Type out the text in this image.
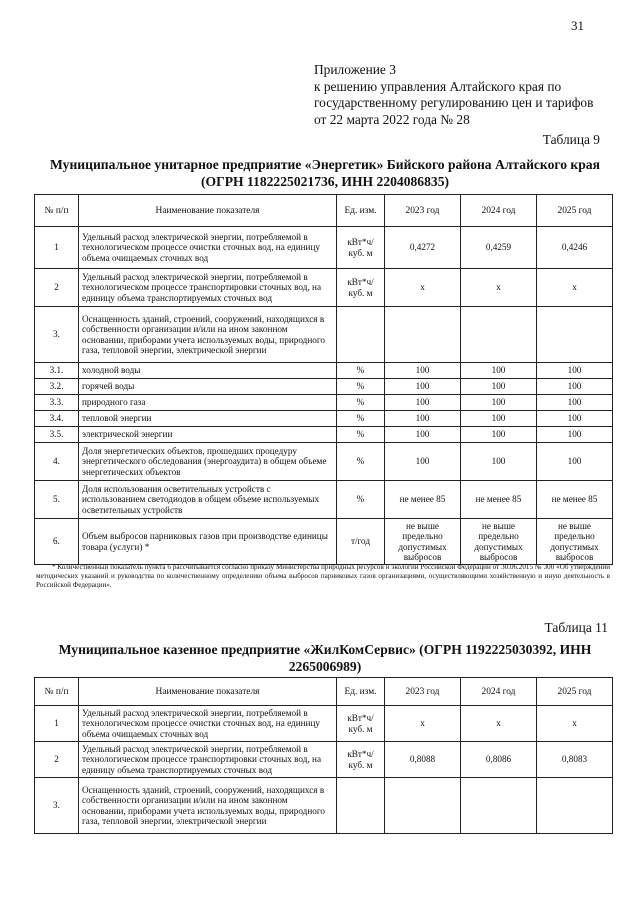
31
Приложение 3
к решению управления Алтайского края по
государственному регулированию цен и тарифов
от 22 марта 2022 года № 28
Таблица 9
Муниципальное унитарное предприятие «Энергетик» Бийского района Алтайского края (ОГРН 1182225021736, ИНН 2204086835)
№ п/п	Наименование показателя	Ед. изм.	2023 год	2024 год	2025 год
1	Удельный расход электрической энергии, потребляемой в технологическом процессе очистки сточных вод, на единицу объема очищаемых сточных вод	кВт*ч/куб. м	0,4272	0,4259	0,4246
2	Удельный расход электрической энергии, потребляемой в технологическом процессе транспортировки сточных вод, на единицу объема транспортируемых сточных вод	кВт*ч/куб. м	х	х	х
3.	Оснащенность зданий, строений, сооружений, находящихся в собственности организации и/или на ином законном основании, приборами учета используемых воды, природного газа, тепловой энергии, электрической энергии				
3.1.	холодной воды	%	100	100	100
3.2.	горячей воды	%	100	100	100
3.3.	природного газа	%	100	100	100
3.4.	тепловой энергии	%	100	100	100
3.5.	электрической энергии	%	100	100	100
4.	Доля энергетических объектов, прошедших процедуру энергетического обследования (энергоаудита) в общем объеме энергетических объектов	%	100	100	100
5.	Доля использования осветительных устройств с использованием светодиодов в общем объеме используемых осветительных устройств	%	не менее 85	не менее 85	не менее 85
6.	Объем выбросов парниковых газов при производстве единицы товара (услуги) *	т/год	не выше предельно допустимых выбросов	не выше предельно допустимых выбросов	не выше предельно допустимых выбросов
* Количественный показатель пункта 6 рассчитывается согласно приказу Министерства природных ресурсов и экологии Российской Федерации от 30.06.2015 № 300 «Об утверждении методических указаний и руководства по количественному определению объема выбросов парниковых газов организациями, осуществляющими хозяйственную и иную деятельность в Российской Федерации».
Таблица 11
Муниципальное казенное предприятие «ЖилКомСервис» (ОГРН 1192225030392, ИНН 2265006989)
№ п/п	Наименование показателя	Ед. изм.	2023 год	2024 год	2025 год
1	Удельный расход электрической энергии, потребляемой в технологическом процессе очистки сточных вод, на единицу объема очищаемых сточных вод	кВт*ч/куб. м	х	х	х
2	Удельный расход электрической энергии, потребляемой в технологическом процессе транспортировки сточных вод, на единицу объема транспортируемых сточных вод	кВт*ч/куб. м	0,8088	0,8086	0,8083
3.	Оснащенность зданий, строений, сооружений, находящихся в собственности организации и/или на ином законном основании, приборами учета используемых воды, природного газа, тепловой энергии, электрической энергии				
